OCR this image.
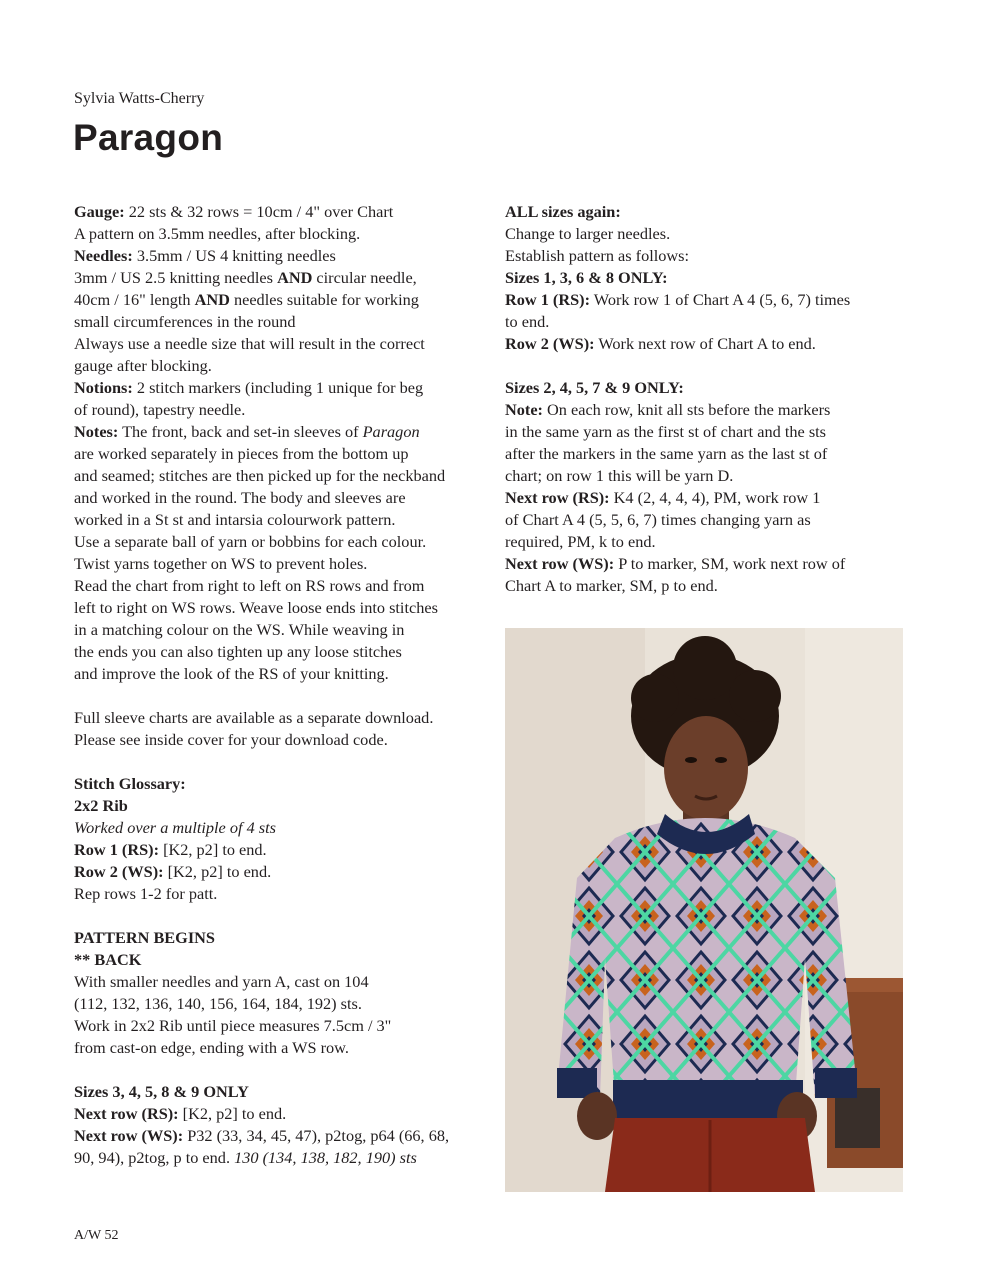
Sylvia Watts-Cherry
Paragon

Gauge: 22 sts & 32 rows = 10cm / 4" over Chart

A pattern on 3.5mm needles, after blocking.

Needles: 3.5mm / US 4 knitting needles

3mm / US 2.5 knitting needles AND circular needle,

40cm / 16" length AND needles suitable for working

small circumferences in the round

Always use a needle size that will result in the correct

gauge after blocking.

Notions: 2 stitch markers (including 1 unique for beg

of round), tapestry needle.

Notes: The front, back and set-in sleeves of Paragon

are worked separately in pieces from the bottom up

and seamed; stitches are then picked up for the neckband

and worked in the round. The body and sleeves are

worked in a St st and intarsia colourwork pattern.

Use a separate ball of yarn or bobbins for each colour.

Twist yarns together on WS to prevent holes.

Read the chart from right to left on RS rows and from

left to right on WS rows. Weave loose ends into stitches

in a matching colour on the WS. While weaving in

the ends you can also tighten up any loose stitches

and improve the look of the RS of your knitting.

Full sleeve charts are available as a separate download.

Please see inside cover for your download code.

Stitch Glossary:

2x2 Rib

Worked over a multiple of 4 sts

Row 1 (RS): [K2, p2] to end.

Row 2 (WS): [K2, p2] to end.

Rep rows 1-2 for patt.

PATTERN BEGINS

** BACK

With smaller needles and yarn A, cast on 104

(112, 132, 136, 140, 156, 164, 184, 192) sts.

Work in 2x2 Rib until piece measures 7.5cm / 3"

from cast-on edge, ending with a WS row.

Sizes 3, 4, 5, 8 & 9 ONLY

Next row (RS): [K2, p2] to end.

Next row (WS): P32 (33, 34, 45, 47), p2tog, p64 (66, 68,

90, 94), p2tog, p to end. 130 (134, 138, 182, 190) sts

ALL sizes again:

Change to larger needles.

Establish pattern as follows:

Sizes 1, 3, 6 & 8 ONLY:

Row 1 (RS): Work row 1 of Chart A 4 (5, 6, 7) times

to end.

Row 2 (WS): Work next row of Chart A to end.

Sizes 2, 4, 5, 7 & 9 ONLY:

Note: On each row, knit all sts before the markers

in the same yarn as the first st of chart and the sts

after the markers in the same yarn as the last st of

chart; on row 1 this will be yarn D.

Next row (RS): K4 (2, 4, 4, 4), PM, work row 1

of Chart A 4 (5, 5, 6, 7) times changing yarn as

required, PM, k to end.

Next row (WS): P to marker, SM, work next row of

Chart A to marker, SM, p to end.

A/W 52
